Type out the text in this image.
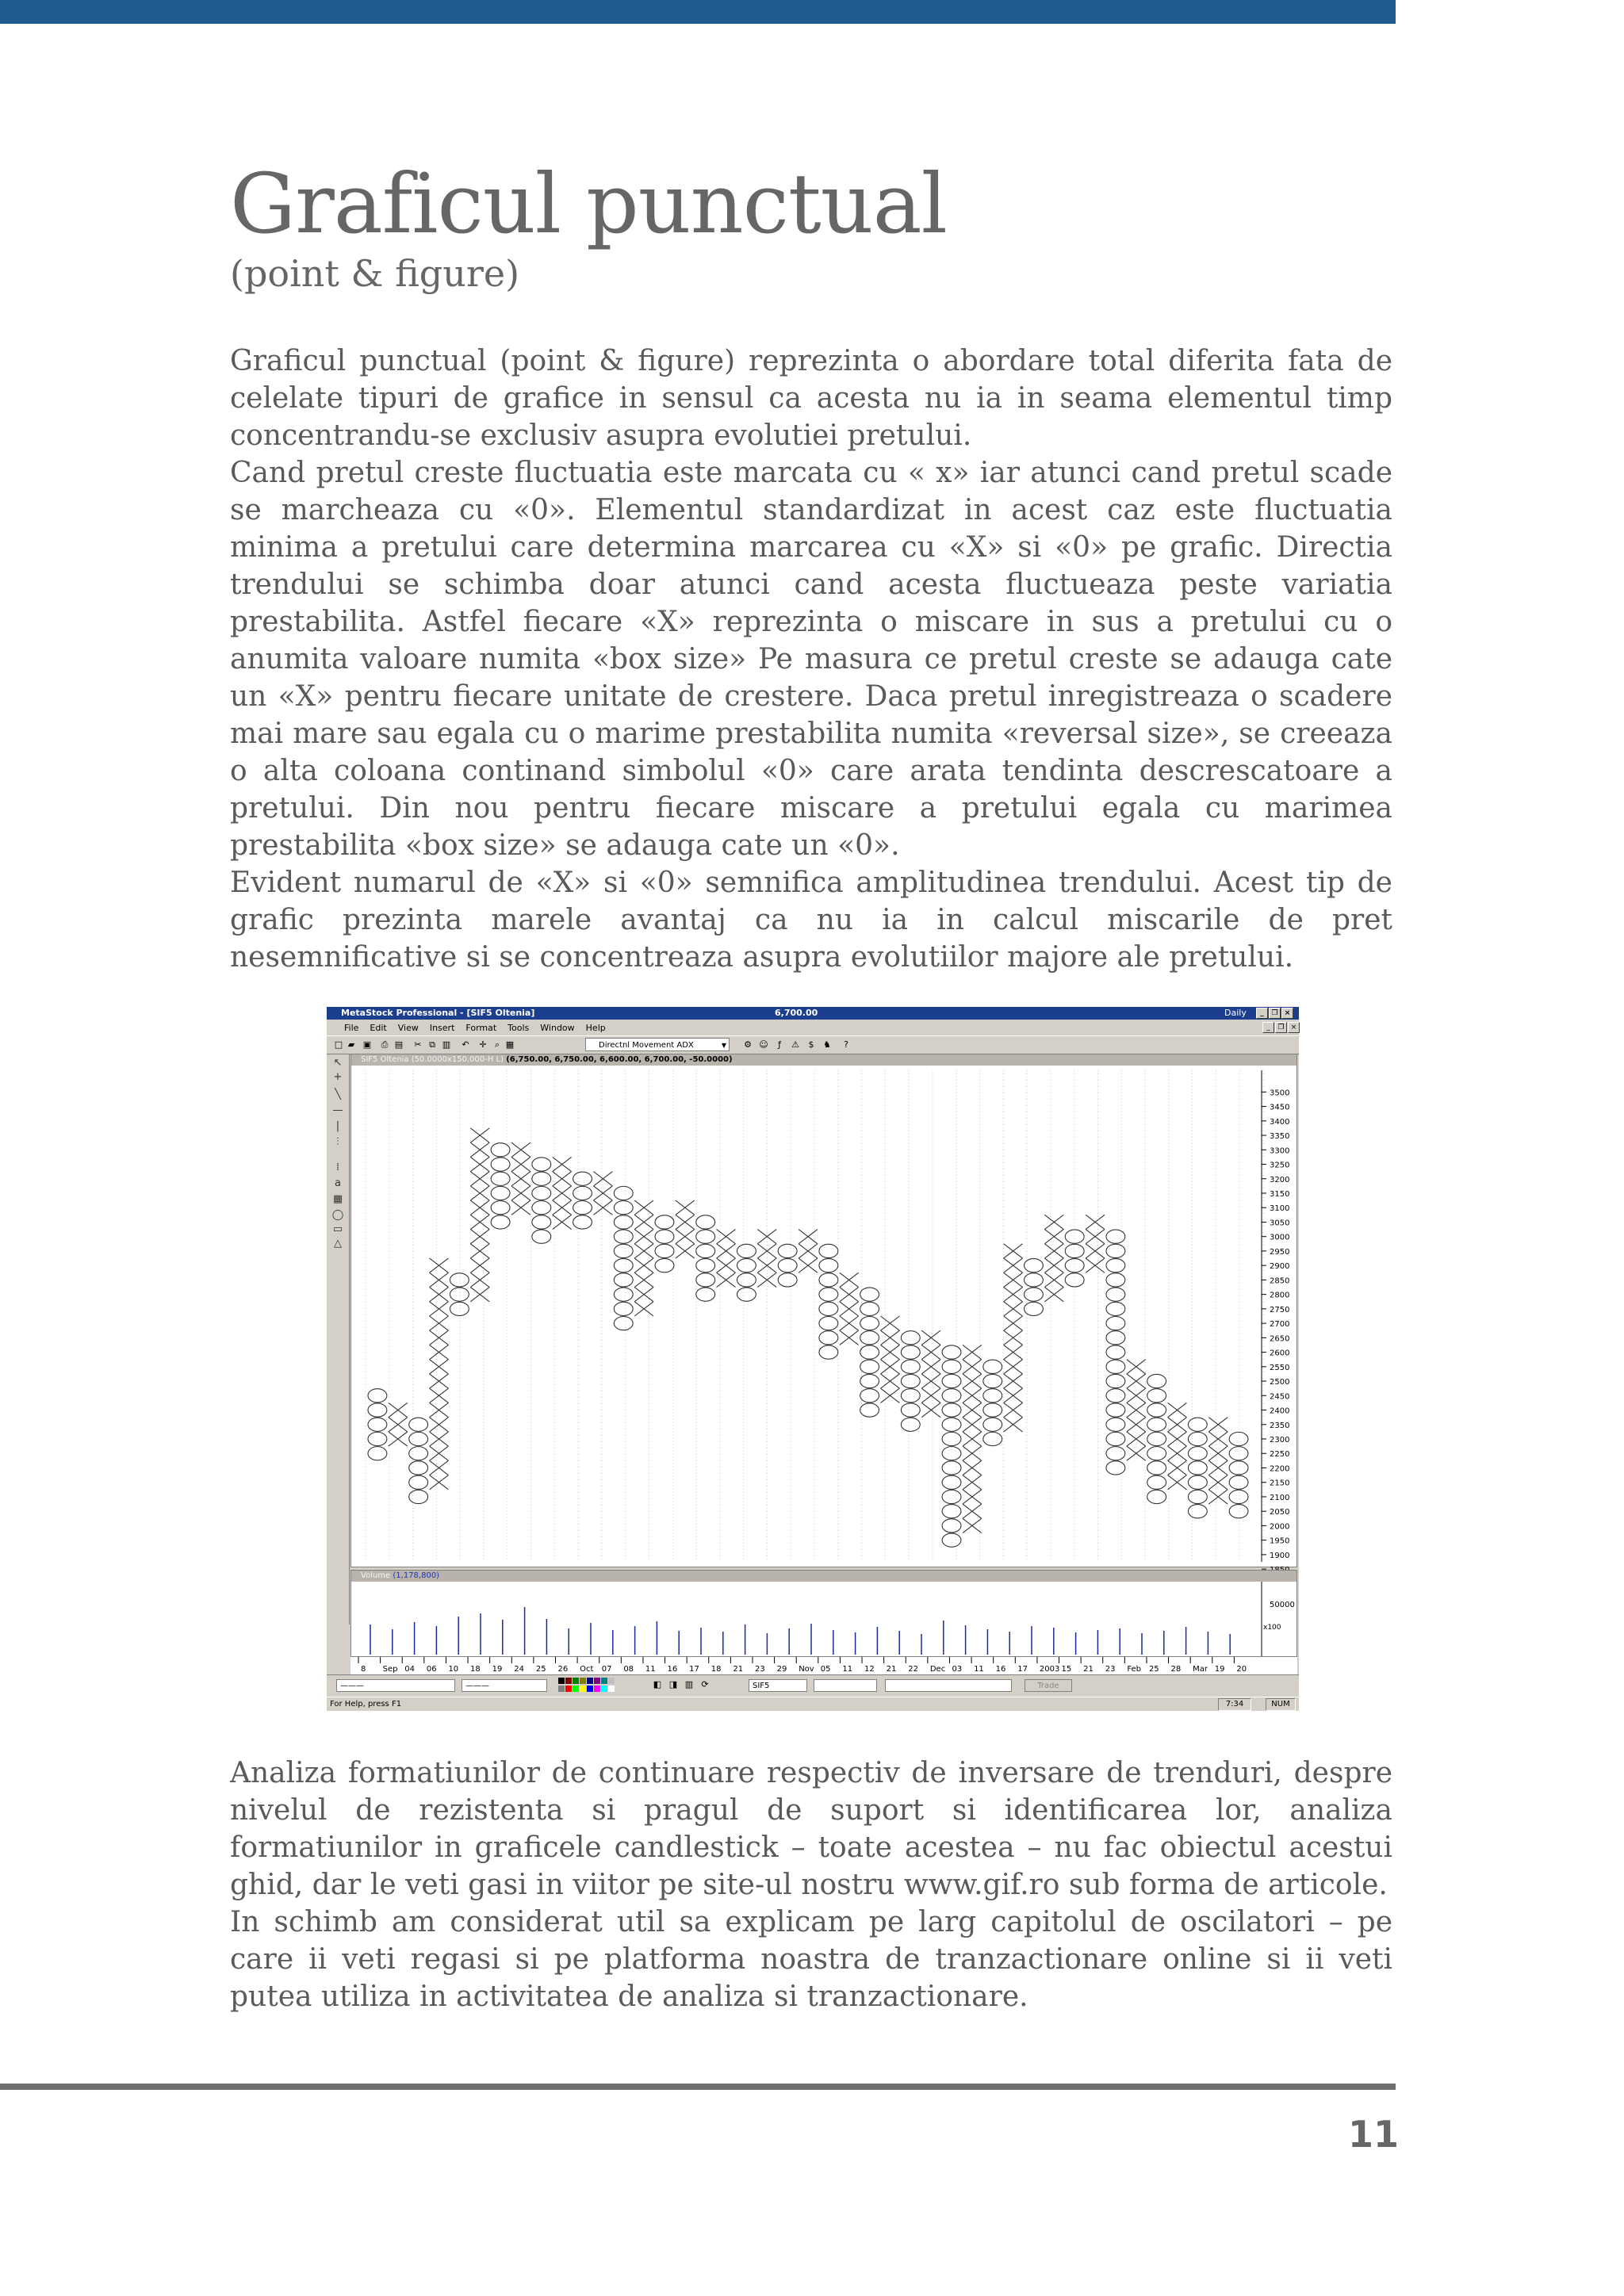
Graficul punctual
(point & figure)

Graficul punctual (point & figure) reprezinta o abordare total diferita fata de celelate tipuri de grafice in sensul ca acesta nu ia in seama elementul timp concentrandu-se exclusiv asupra evolutiei pretului.

Cand pretul creste fluctuatia este marcata cu « x» iar atunci cand pretul scade se marcheaza cu «0». Elementul standardizat in acest caz este fluctuatia minima a pretului care determina marcarea cu «X» si «0» pe grafic. Directia trendului se schimba doar atunci cand acesta fluctueaza peste variatia prestabilita. Astfel fiecare «X» reprezinta o miscare in sus a pretului cu o anumita valoare numita «box size» Pe masura ce pretul creste se adauga cate un «X» pentru fiecare unitate de crestere. Daca pretul inregistreaza o scadere mai mare sau egala cu o marime prestabilita numita «reversal size», se creeaza o alta coloana continand simbolul «0» care arata tendinta descrescatoare a pretului. Din nou pentru fiecare miscare a pretului egala cu marimea prestabilita «box size» se adauga cate un «0».

Evident numarul de «X» si «0» semnifica amplitudinea trendului. Acest tip de grafic prezinta marele avantaj ca nu ia in calcul miscarile de pret nesemnificative si se concentreaza asupra evolutiilor majore ale pretului.

MetaStock Professional - [SIF5 Oltenia]	6,700.00	Daily	_	❐ ×
File Edit View Insert Format Tools Window Help	_	❐ ×
□ ▰ ▣ ⎙ ▤ ✂ ⧉ ▥ ↶ ✛ ⌕ ▦	Directnl Movement ADX	▼	⚙ ☺	ƒ	⚠	$	♞	?
↖
+
╲
—
|
⫶
⁞
a
▦
◯
▭
△
SIF5 Oltenia (50.0000x150.000-H L) (6,750.00, 6,750.00, 6,600.00, 6,700.00, -50.0000)
3500
3450
3400
3350
3300
3250
3200
3150
3100
3050
3000
2950
2900
2850
2800
2750
2700
2650
2600
2550
2500
2450
2400
2350
2300
2250
2200
2150
2100
2050
2000
1950
1900
Volume (1,178,800)
50000
x100
8 Sep 04 06 10 18 19 24 25 26 Oct 07 08 11 16 17 18 21 23 29 Nov 05 11 12 21 22 Dec 03 11 16 17 2003 15 21 23 Feb 25 28 Mar 19 20
———	———	◧ ◨ ▥ ⟳	SIF5	Trade
For Help, press F1	7:34	NUM

Analiza formatiunilor de continuare respectiv de inversare de trenduri, despre nivelul de rezistenta si pragul de suport si identificarea lor, analiza formatiunilor in graficele candlestick – toate acestea – nu fac obiectul acestui ghid, dar le veti gasi in viitor pe site-ul nostru www.gif.ro sub forma de articole.

In schimb am considerat util sa explicam pe larg capitolul de oscilatori – pe care ii veti regasi si pe platforma noastra de tranzactionare online si ii veti putea utiliza in activitatea de analiza si tranzactionare.

11
